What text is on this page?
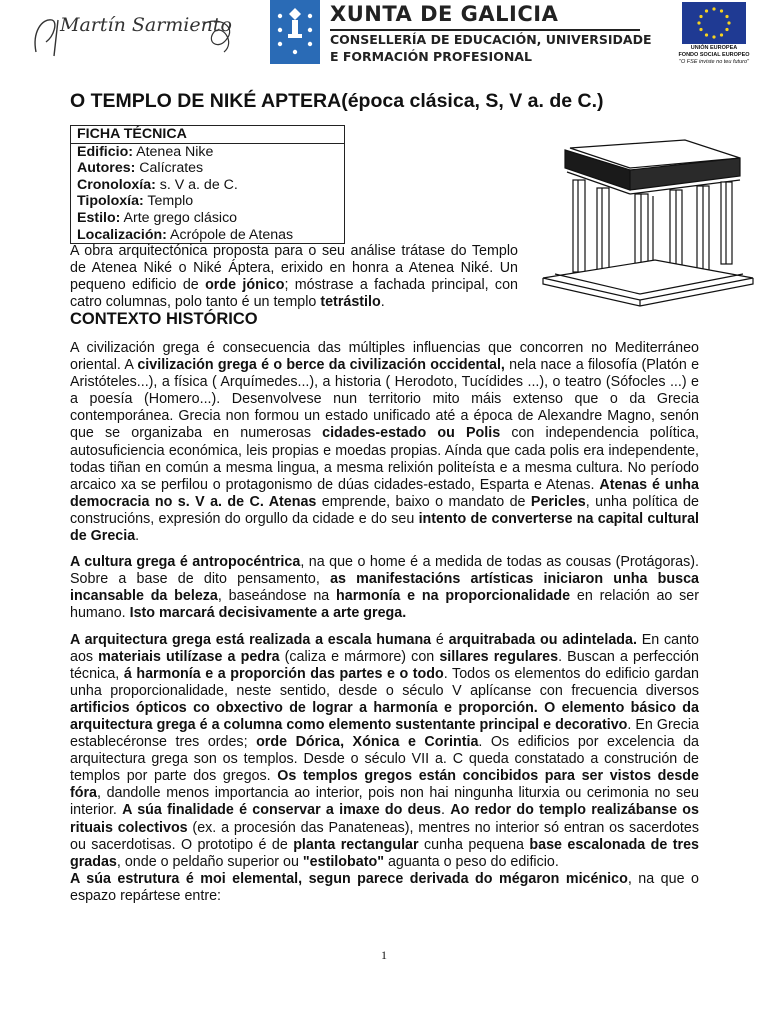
Martín Sarmiento	XUNTA DE GALICIA
CONSELLERÍA DE EDUCACIÓN, UNIVERSIDADE
E FORMACIÓN PROFESIONAL
UNIÓN EUROPEA
FONDO SOCIAL EUROPEO
"O FSE inviste no teu futuro"
O TEMPLO DE NIKÉ APTERA(época clásica, S, V a. de C.)
FICHA TÉCNICA
Edificio: Atenea Nike
Autores: Calícrates
Cronoloxía: s. V a. de C.
Tipoloxía: Templo
Estilo: Arte grego clásico
Localización: Acrópole de Atenas
A obra arquitectónica proposta para o seu análise trátase do Templo de Atenea Niké o Niké Áptera, erixido en honra a Atenea Niké. Un pequeno edificio de orde jónico; móstrase a fachada principal, con catro columnas, polo tanto é un templo tetrástilo.
CONTEXTO HISTÓRICO

A civilización grega é consecuencia das múltiples influencias que concorren no Mediterráneo oriental. A civilización grega é o berce da civilización occidental, nela nace a filosofía (Platón e Aristóteles...), a física ( Arquímedes...), a historia ( Herodoto, Tucídides ...), o teatro (Sófocles ...) e a poesía (Homero...). Desenvolvese nun territorio mito máis extenso que o da Grecia contemporánea. Grecia non formou un estado unificado até a época de Alexandre Magno, senón que se organizaba en numerosas cidades-estado ou Polis con independencia política, autosuficiencia económica, leis propias e moedas propias. Aínda que cada polis era independente, todas tiñan en común a mesma lingua, a mesma relixión politeísta e a mesma cultura. No período arcaico xa se perfilou o protagonismo de dúas cidades-estado, Esparta e Atenas. Atenas é unha democracia no s. V a. de C. Atenas emprende, baixo o mandato de Pericles, unha política de construcións, expresión do orgullo da cidade e do seu intento de converterse na capital cultural de Grecia.

A cultura grega é antropocéntrica, na que o home é a medida de todas as cousas (Protágoras). Sobre a base de dito pensamento, as manifestacións artísticas iniciaron unha busca incansable da beleza, baseándose na harmonía e na proporcionalidade en relación ao ser humano. Isto marcará decisivamente a arte grega.

A arquitectura grega está realizada a escala humana é arquitrabada ou adintelada. En canto aos materiais utilízase a pedra (caliza e mármore) con sillares regulares. Buscan a perfección técnica, á harmonía e a proporción das partes e o todo. Todos os elementos do edificio gardan unha proporcionalidade, neste sentido, desde o século V aplícanse con frecuencia diversos artificios ópticos co obxectivo de lograr a harmonía e proporción. O elemento básico da arquitectura grega é a columna como elemento sustentante principal e decorativo. En Grecia establecéronse tres ordes; orde Dórica, Xónica e Corintia. Os edificios por excelencia da arquitectura grega son os templos. Desde o século VII a. C queda constatado a construción de templos por parte dos gregos. Os templos gregos están concibidos para ser vistos desde fóra, dandolle menos importancia ao interior, pois non hai ningunha liturxia ou cerimonia no seu interior. A súa finalidade é conservar a imaxe do deus. Ao redor do templo realizábanse os rituais colectivos (ex. a procesión das Panateneas), mentres no interior só entran os sacerdotes ou sacerdotisas. O prototipo é de planta rectangular cunha pequena base escalonada de tres gradas, onde o peldaño superior ou "estilobato" aguanta o peso do edificio.

A súa estrutura é moi elemental, segun parece derivada do mégaron micénico, na que o espazo repártese entre:

1
